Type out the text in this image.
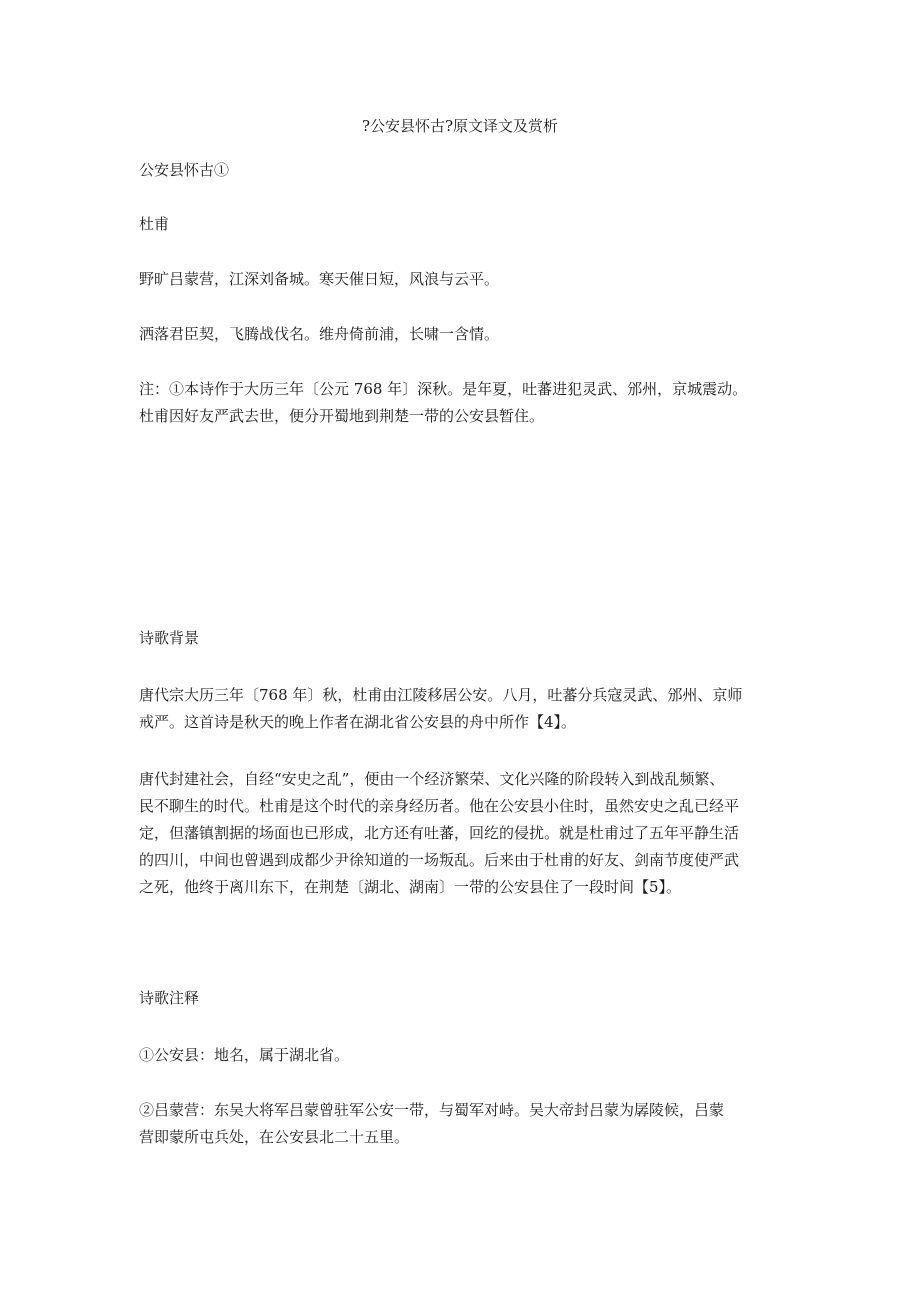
?公安县怀古?原文译文及赏析

公安县怀古①

杜甫

野旷吕蒙营，江深刘备城。寒天催日短，风浪与云平。

洒落君臣契，飞腾战伐名。维舟倚前浦，长啸一含情。

注：①本诗作于大历三年〔公元 768 年〕深秋。是年夏，吐蕃进犯灵武、邠州，京城震动。
杜甫因好友严武去世，便分开蜀地到荆楚一带的公安县暂住。

诗歌背景

唐代宗大历三年〔768 年〕秋，杜甫由江陵移居公安。八月，吐蕃分兵寇灵武、邠州、京师
戒严。这首诗是秋天的晚上作者在湖北省公安县的舟中所作【4】。

唐代封建社会，自经“安史之乱”，便由一个经济繁荣、文化兴隆的阶段转入到战乱频繁、
民不聊生的时代。杜甫是这个时代的亲身经历者。他在公安县小住时，虽然安史之乱已经平
定，但藩镇割据的场面也已形成，北方还有吐蕃，回纥的侵扰。就是杜甫过了五年平静生活
的四川，中间也曾遇到成都少尹徐知道的一场叛乱。后来由于杜甫的好友、剑南节度使严武
之死，他终于离川东下，在荆楚〔湖北、湖南〕一带的公安县住了一段时间【5】。

诗歌注释

①公安县：地名，属于湖北省。

②吕蒙营：东吴大将军吕蒙曾驻军公安一带，与蜀军对峙。吴大帝封吕蒙为孱陵候，吕蒙
营即蒙所屯兵处，在公安县北二十五里。
